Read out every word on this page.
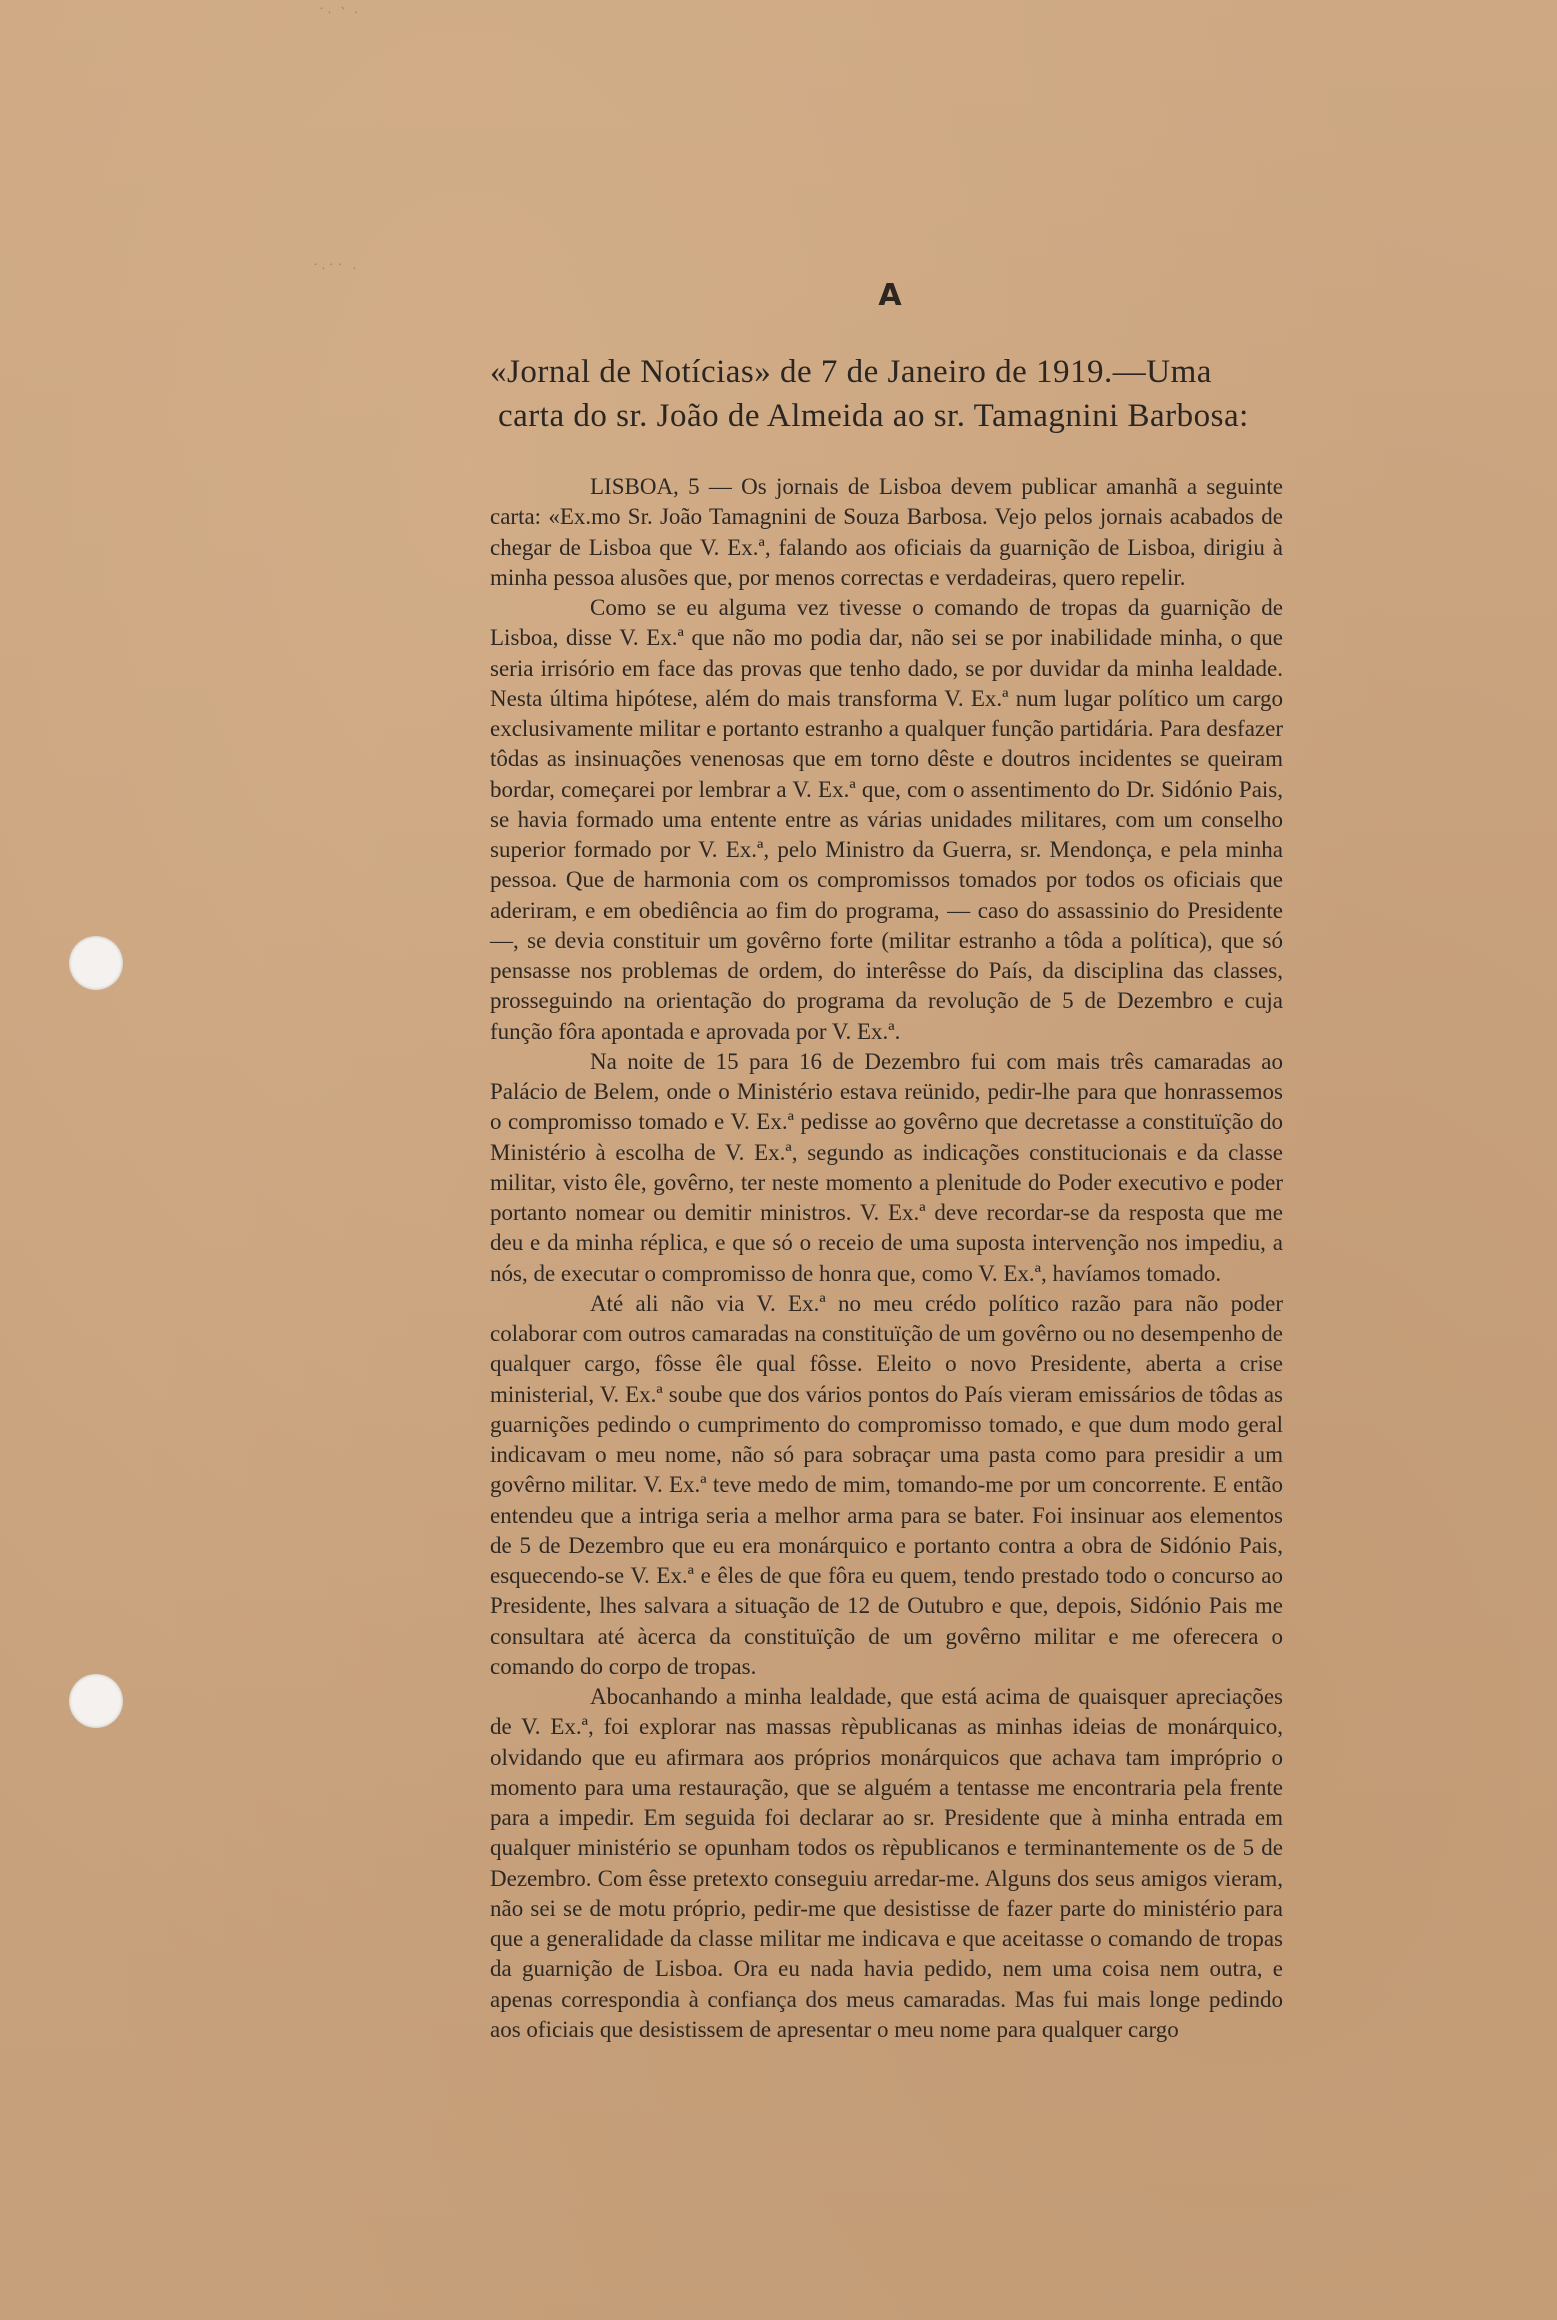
˙ˑ ՝ ˑ
˙ˑ˙˙ ˑ
A

«Jornal de Notícias» de 7 de Janeiro de 1919.—Uma

carta do sr. João de Almeida ao sr. Tamagnini Barbosa:

LISBOA, 5 — Os jornais de Lisboa devem publicar amanhã a seguinte carta: «Ex.mo Sr. João Tamagnini de Souza Barbosa. Vejo pelos jornais acabados de chegar de Lisboa que V. Ex.ª, falando aos oficiais da guarnição de Lisboa, dirigiu à minha pessoa alusões que, por menos correctas e verdadeiras, quero repelir.

Como se eu alguma vez tivesse o comando de tropas da guarnição de Lisboa, disse V. Ex.ª que não mo podia dar, não sei se por inabilidade minha, o que seria irrisório em face das provas que tenho dado, se por duvidar da minha lealdade. Nesta última hipótese, além do mais transforma V. Ex.ª num lugar político um cargo exclusivamente militar e portanto estranho a qualquer função partidária. Para desfazer tôdas as insinuações venenosas que em torno dêste e doutros incidentes se queiram bordar, começarei por lembrar a V. Ex.ª que, com o assentimento do Dr. Sidónio Pais, se havia formado uma entente entre as várias unidades militares, com um conselho superior formado por V. Ex.ª, pelo Ministro da Guerra, sr. Mendonça, e pela minha pessoa. Que de harmonia com os compromissos tomados por todos os oficiais que aderiram, e em obediência ao fim do programa, — caso do assassinio do Presidente —, se devia constituir um govêrno forte (militar estranho a tôda a política), que só pensasse nos problemas de ordem, do interêsse do País, da disciplina das classes, prosseguindo na orientação do programa da revolução de 5 de Dezembro e cuja função fôra apontada e aprovada por V. Ex.ª.

Na noite de 15 para 16 de Dezembro fui com mais três camaradas ao Palácio de Belem, onde o Ministério estava reünido, pedir-lhe para que honrassemos o compromisso tomado e V. Ex.ª pedisse ao govêrno que decretasse a constituïção do Ministério à escolha de V. Ex.ª, segundo as indicações constitucionais e da classe militar, visto êle, govêrno, ter neste momento a plenitude do Poder executivo e poder portanto nomear ou demitir ministros. V. Ex.ª deve recordar-se da resposta que me deu e da minha réplica, e que só o receio de uma suposta intervenção nos impediu, a nós, de executar o compromisso de honra que, como V. Ex.ª, havíamos tomado.

Até ali não via V. Ex.ª no meu crédo político razão para não poder colaborar com outros camaradas na constituïção de um govêrno ou no desempenho de qualquer cargo, fôsse êle qual fôsse. Eleito o novo Presidente, aberta a crise ministerial, V. Ex.ª soube que dos vários pontos do País vieram emissários de tôdas as guarnições pedindo o cumprimento do compromisso tomado, e que dum modo geral indicavam o meu nome, não só para sobraçar uma pasta como para presidir a um govêrno militar. V. Ex.ª teve medo de mim, tomando-me por um concorrente. E então entendeu que a intriga seria a melhor arma para se bater. Foi insinuar aos elementos de 5 de Dezembro que eu era monárquico e portanto contra a obra de Sidónio Pais, esquecendo-se V. Ex.ª e êles de que fôra eu quem, tendo prestado todo o concurso ao Presidente, lhes salvara a situação de 12 de Outubro e que, depois, Sidónio Pais me consultara até àcerca da constituïção de um govêrno militar e me oferecera o comando do corpo de tropas.

Abocanhando a minha lealdade, que está acima de quaisquer apreciações de V. Ex.ª, foi explorar nas massas rèpublicanas as minhas ideias de monárquico, olvidando que eu afirmara aos próprios monárquicos que achava tam impróprio o momento para uma restauração, que se alguém a tentasse me encontraria pela frente para a impedir. Em seguida foi declarar ao sr. Presidente que à minha entrada em qualquer ministério se opunham todos os rèpublicanos e terminantemente os de 5 de Dezembro. Com êsse pretexto conseguiu arredar-me. Alguns dos seus amigos vieram, não sei se de motu próprio, pedir-me que desistisse de fazer parte do ministério para que a generalidade da classe militar me indicava e que aceitasse o comando de tropas da guarnição de Lisboa. Ora eu nada havia pedido, nem uma coisa nem outra, e apenas correspondia à confiança dos meus camaradas. Mas fui mais longe pedindo aos oficiais que desistissem de apresentar o meu nome para qualquer cargo
